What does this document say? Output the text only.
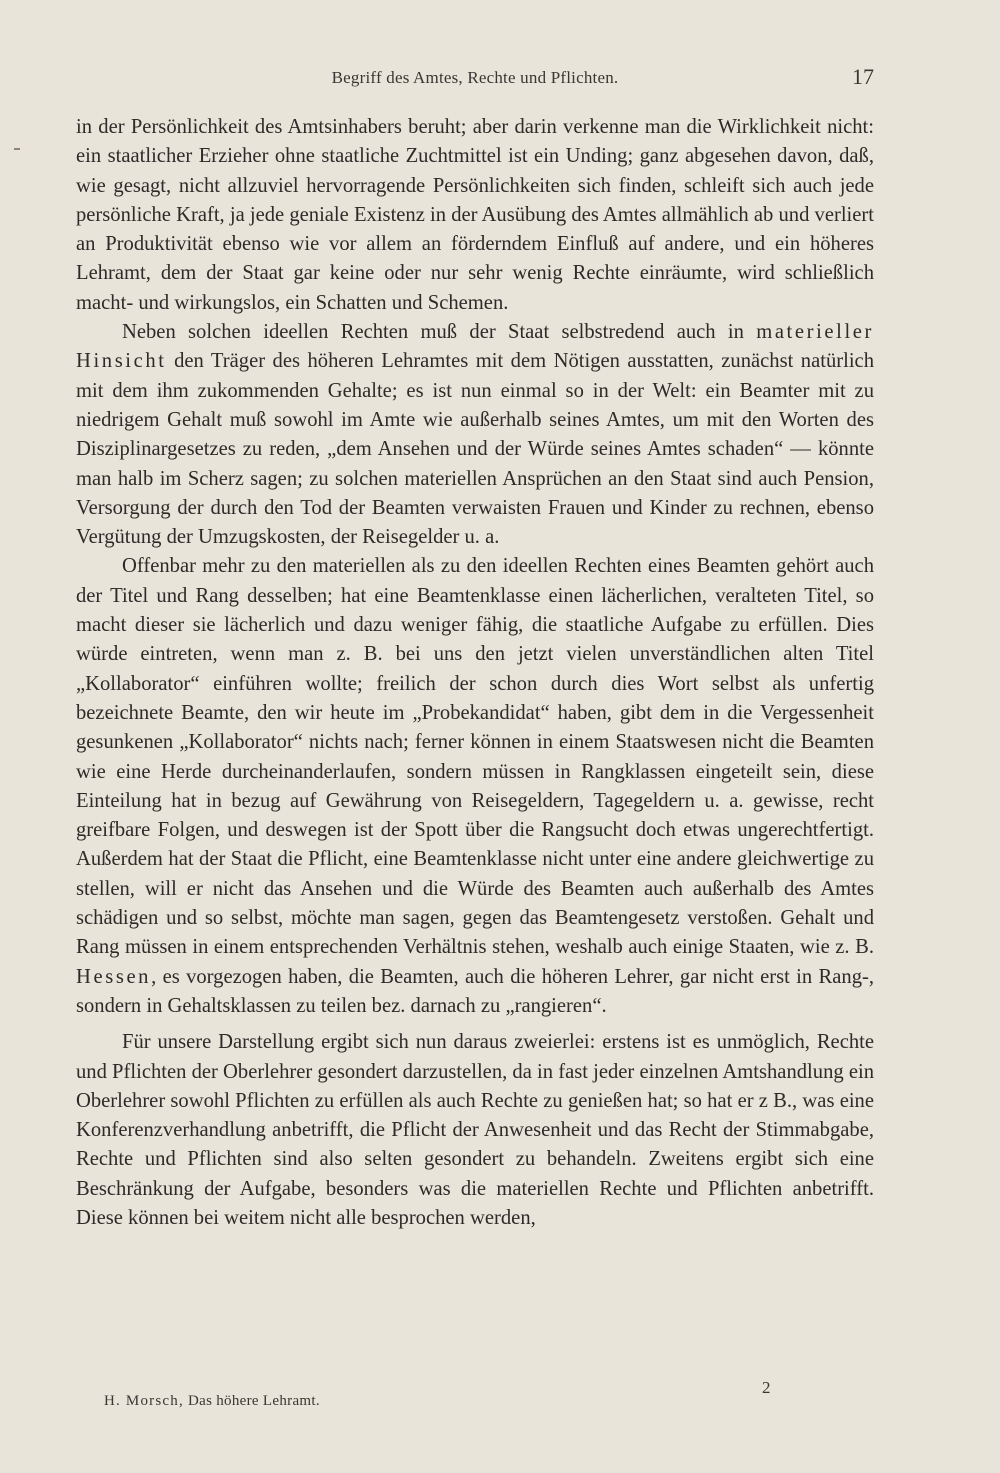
Begriff des Amtes, Rechte und Pflichten.	17

in der Persönlichkeit des Amtsinhabers beruht; aber darin verkenne man die Wirklichkeit nicht: ein staatlicher Erzieher ohne staatliche Zuchtmittel ist ein Unding; ganz abgesehen davon, daß, wie gesagt, nicht allzuviel hervorragende Persönlichkeiten sich finden, schleift sich auch jede persönliche Kraft, ja jede geniale Existenz in der Ausübung des Amtes allmählich ab und verliert an Produktivität ebenso wie vor allem an förderndem Einfluß auf andere, und ein höheres Lehramt, dem der Staat gar keine oder nur sehr wenig Rechte einräumte, wird schließlich macht- und wirkungslos, ein Schatten und Schemen.

Neben solchen ideellen Rechten muß der Staat selbstredend auch in materieller Hinsicht den Träger des höheren Lehramtes mit dem Nötigen ausstatten, zunächst natürlich mit dem ihm zukommenden Gehalte; es ist nun einmal so in der Welt: ein Beamter mit zu niedrigem Gehalt muß sowohl im Amte wie außerhalb seines Amtes, um mit den Worten des Disziplinargesetzes zu reden, „dem Ansehen und der Würde seines Amtes schaden“ — könnte man halb im Scherz sagen; zu solchen materiellen Ansprüchen an den Staat sind auch Pension, Versorgung der durch den Tod der Beamten verwaisten Frauen und Kinder zu rechnen, ebenso Vergütung der Umzugskosten, der Reisegelder u. a.

Offenbar mehr zu den materiellen als zu den ideellen Rechten eines Beamten gehört auch der Titel und Rang desselben; hat eine Beamtenklasse einen lächerlichen, veralteten Titel, so macht dieser sie lächerlich und dazu weniger fähig, die staatliche Aufgabe zu erfüllen. Dies würde eintreten, wenn man z. B. bei uns den jetzt vielen unverständlichen alten Titel „Kollaborator“ einführen wollte; freilich der schon durch dies Wort selbst als unfertig bezeichnete Beamte, den wir heute im „Probekandidat“ haben, gibt dem in die Vergessenheit gesunkenen „Kollaborator“ nichts nach; ferner können in einem Staatswesen nicht die Beamten wie eine Herde durcheinanderlaufen, sondern müssen in Rangklassen eingeteilt sein, diese Einteilung hat in bezug auf Gewährung von Reisegeldern, Tagegeldern u. a. gewisse, recht greifbare Folgen, und deswegen ist der Spott über die Rangsucht doch etwas ungerechtfertigt. Außerdem hat der Staat die Pflicht, eine Beamtenklasse nicht unter eine andere gleichwertige zu stellen, will er nicht das Ansehen und die Würde des Beamten auch außerhalb des Amtes schädigen und so selbst, möchte man sagen, gegen das Beamtengesetz verstoßen. Gehalt und Rang müssen in einem entsprechenden Verhältnis stehen, weshalb auch einige Staaten, wie z. B. Hessen, es vorgezogen haben, die Beamten, auch die höheren Lehrer, gar nicht erst in Rang-, sondern in Gehaltsklassen zu teilen bez. darnach zu „rangieren“.

Für unsere Darstellung ergibt sich nun daraus zweierlei: erstens ist es unmöglich, Rechte und Pflichten der Oberlehrer gesondert darzustellen, da in fast jeder einzelnen Amtshandlung ein Oberlehrer sowohl Pflichten zu erfüllen als auch Rechte zu genießen hat; so hat er z B., was eine Konferenzverhandlung anbetrifft, die Pflicht der Anwesenheit und das Recht der Stimmabgabe, Rechte und Pflichten sind also selten gesondert zu behandeln. Zweitens ergibt sich eine Beschränkung der Aufgabe, besonders was die materiellen Rechte und Pflichten anbetrifft. Diese können bei weitem nicht alle besprochen werden,

H. Morsch, Das höhere Lehramt.
2
